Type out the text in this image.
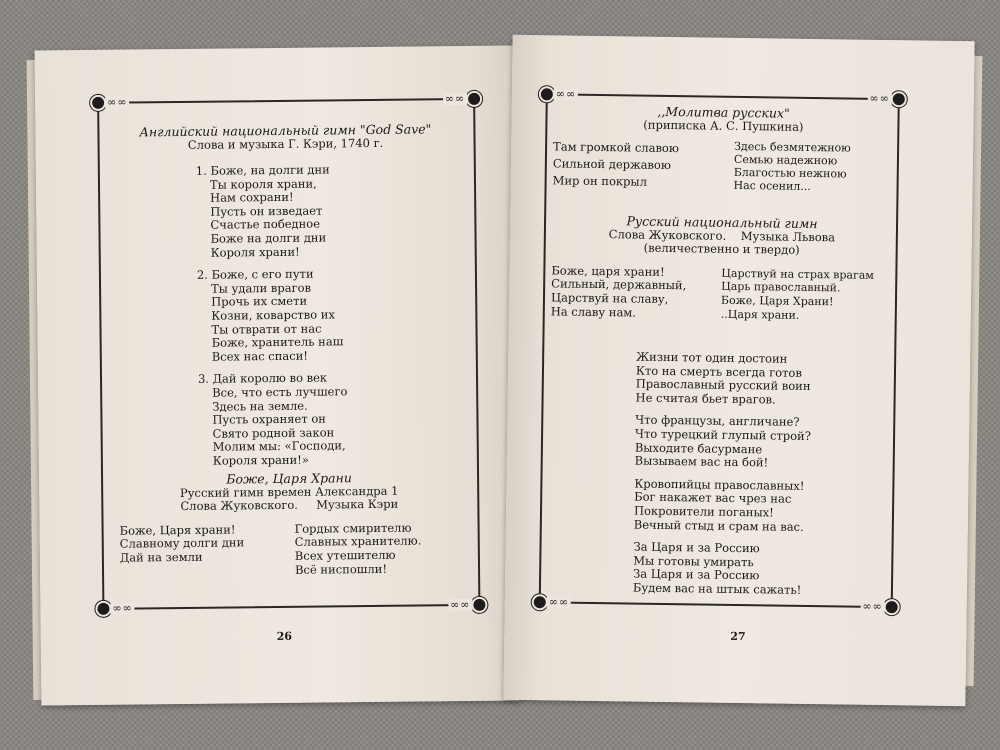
∞∞	∞∞
∞∞	∞∞
Английский национальный гимн "God Save"
Слова и музыка Г. Кэри, 1740 г.
1. Боже, на долги дни
Ты короля храни,
Нам сохрани!
Пусть он изведает
Счастье победное
Боже на долги дни
Короля храни!
2. Боже, с его пути
Ты удали врагов
Прочь их смети
Козни, коварство их
Ты отврати от нас
Боже, хранитель наш
Всех нас спаси!
3. Дай королю во век
Все, что есть лучшего
Здесь на земле.
Пусть охраняет он
Свято родной закон
Молим мы: «Господи,
Короля храни!»
Боже, Царя Храни
Русский гимн времен Александра 1
Слова Жуковского. Музыка Кэри
Боже, Царя храни!
Славному долги дни
Дай на земли
Гордых смирителю
Славных хранителю.
Всех утешителю
Всё ниспошли!
26
∞∞	∞∞
∞∞	∞∞
,,Молитва русских"
(приписка А. С. Пушкина)
Там громкой славою
Сильной державою
Мир он покрыл
Здесь безмятежною
Семью надежною
Благостью нежною
Нас осенил...
Русский национальный гимн
Слова Жуковского. Музыка Львова
(величественно и твердо)
Боже, царя храни!
Сильный, державный,
Царствуй на славу,
На славу нам.
Царствуй на страх врагам
Царь православный.
Боже, Царя Храни!
..Царя храни.
Жизни тот один достоин
Кто на смерть всегда готов
Православный русский воин
Не считая бьет врагов.
Что французы, англичане?
Что турецкий глупый строй?
Выходите басурмане
Вызываем вас на бой!
Кровопийцы православных!
Бог накажет вас чрез нас
Покровители поганых!
Вечный стыд и срам на вас.
За Царя и за Россию
Мы готовы умирать
За Царя и за Россию
Будем вас на штык сажать!
27
